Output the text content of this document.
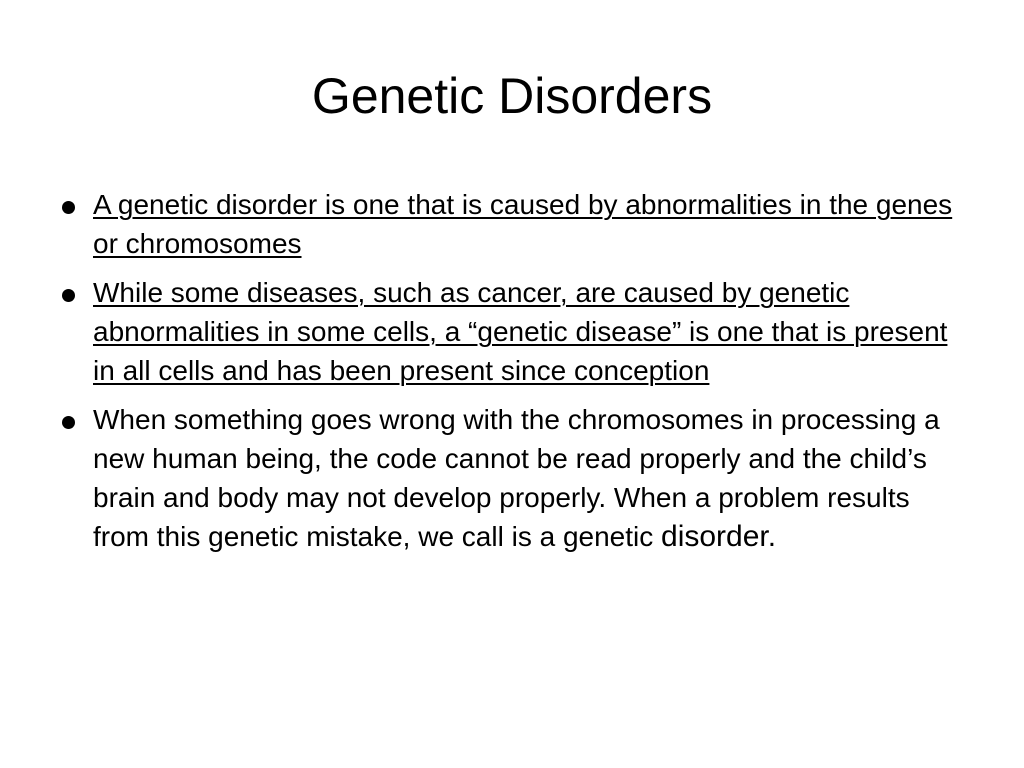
Genetic Disorders
A genetic disorder is one that is caused by abnormalities in the genes or chromosomes
While some diseases, such as cancer, are caused by genetic abnormalities in some cells, a “genetic disease” is one that is present in all cells and has been present since conception
When something goes wrong with the chromosomes in processing a new human being, the code cannot be read properly and the child’s brain and body may not develop properly. When a problem results from this genetic mistake, we call is a genetic disorder.
